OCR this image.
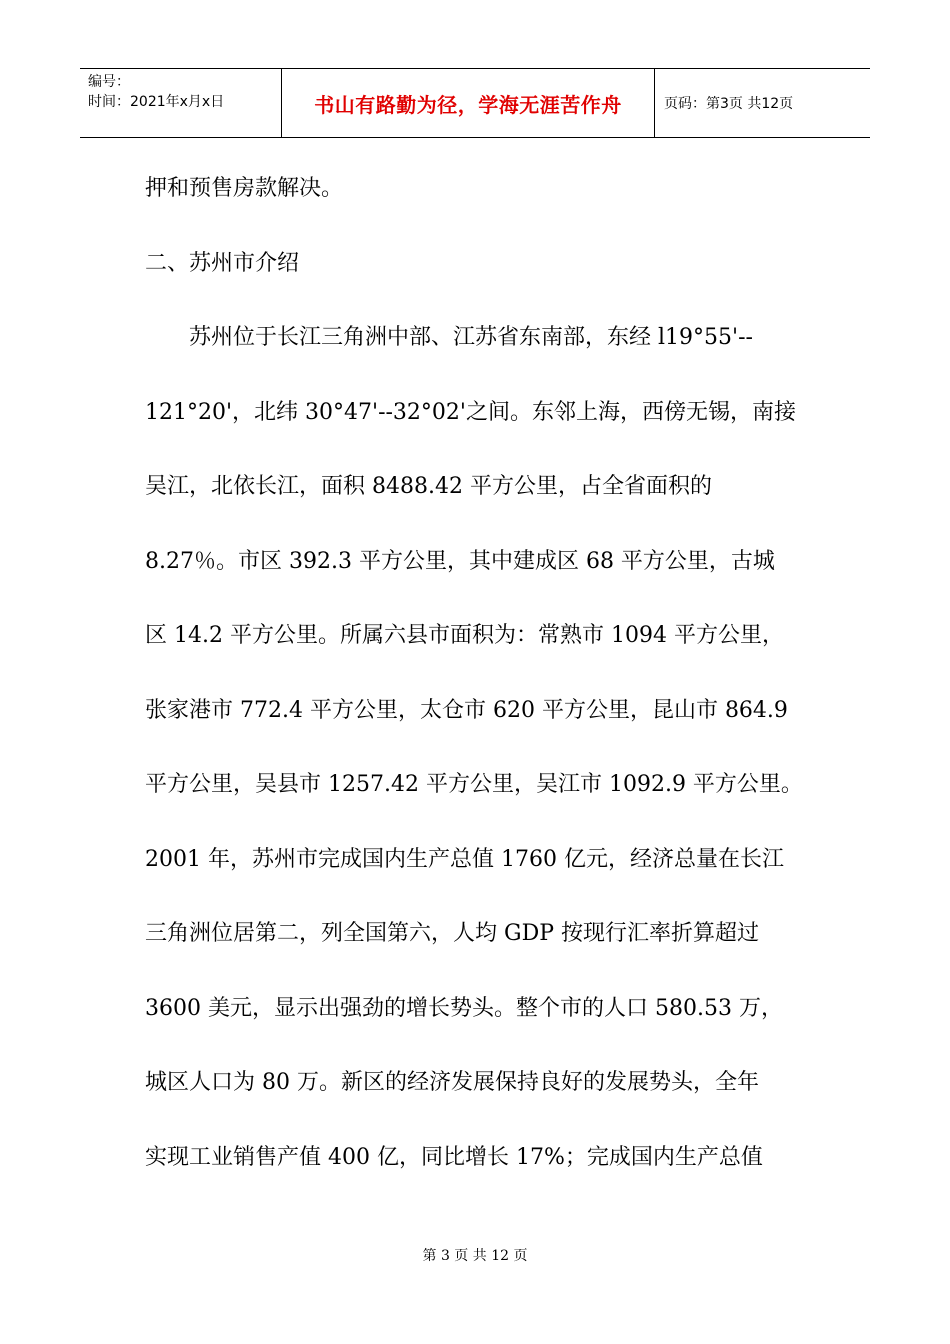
编号：
时间：2021年x月x日	书山有路勤为径，学海无涯苦作舟	页码：第3页 共12页
押和预售房款解决。
二、苏州市介绍
苏州位于长江三角洲中部、江苏省东南部，东经 l19°55'--
121°20'，北纬 30°47'--32°02'之间。东邻上海，西傍无锡，南接
吴江，北依长江，面积 8488.42 平方公里，占全省面积的
8.27％。市区 392.3 平方公里，其中建成区 68 平方公里，古城
区 14.2 平方公里。所属六县市面积为：常熟市 1094 平方公里，
张家港市 772.4 平方公里，太仓市 620 平方公里，昆山市 864.9
平方公里，吴县市 1257.42 平方公里，吴江市 1092.9 平方公里。
2001 年，苏州市完成国内生产总值 1760 亿元，经济总量在长江
三角洲位居第二，列全国第六，人均 GDP 按现行汇率折算超过
3600 美元，显示出强劲的增长势头。整个市的人口 580.53 万，
城区人口为 80 万。新区的经济发展保持良好的发展势头，全年
实现工业销售产值 400 亿，同比增长 17%；完成国内生产总值
第 3 页 共 12 页
